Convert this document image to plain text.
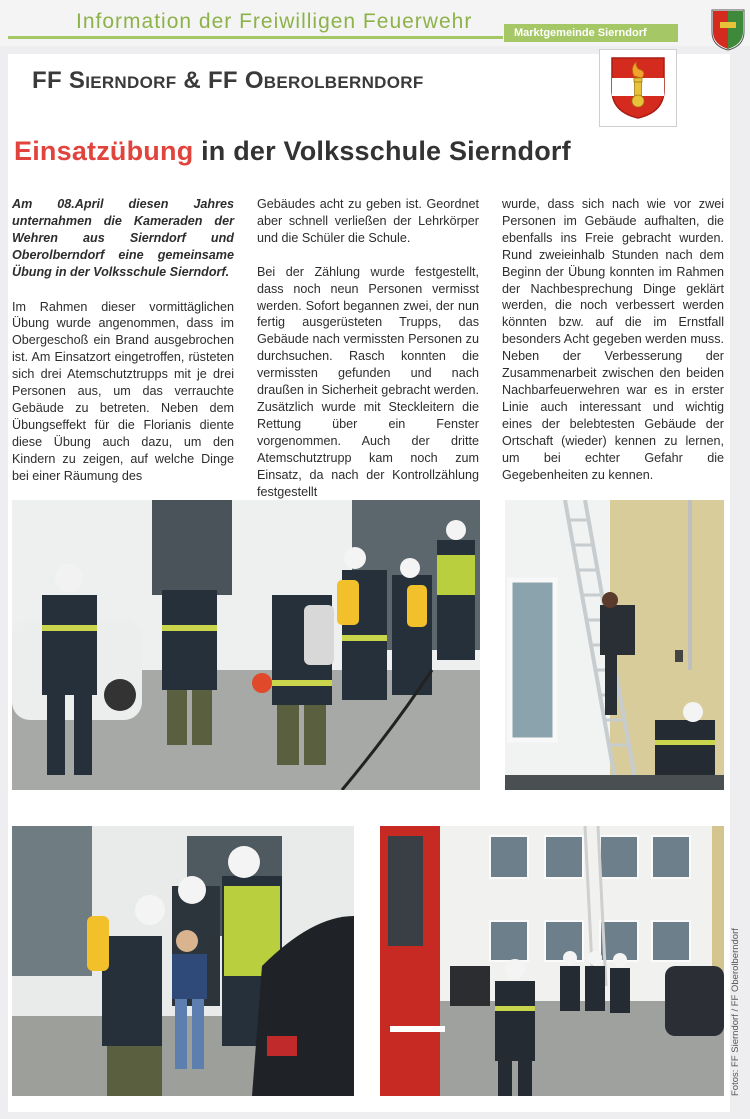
Information der Freiwilligen Feuerwehr	Marktgemeinde Sierndorf
FF Sierndorf & FF Oberolberndorf
Einsatzübung in der Volksschule Sierndorf

Am 08.April diesen Jahres unternahmen die Kameraden der Wehren aus Sierndorf und Oberolberndorf eine gemeinsame Übung in der Volksschule Sierndorf.

Im Rahmen dieser vormittäglichen Übung wurde angenommen, dass im Obergeschoß ein Brand ausgebrochen ist. Am Einsatzort eingetroffen, rüsteten sich drei Atemschutztrupps mit je drei Personen aus, um das verrauchte Gebäude zu betreten. Neben dem Übungseffekt für die Florianis diente diese Übung auch dazu, um den Kindern zu zeigen, auf welche Dinge bei einer Räumung des

Gebäudes acht zu geben ist. Geordnet aber schnell verließen der Lehrkörper und die Schüler die Schule.

Bei der Zählung wurde festgestellt, dass noch neun Personen vermisst werden. Sofort begannen zwei, der nun fertig ausgerüsteten Trupps, das Gebäude nach vermissten Personen zu durchsuchen. Rasch konnten die vermissten gefunden und nach draußen in Sicherheit gebracht werden. Zusätzlich wurde mit Steckleitern die Rettung über ein Fenster vorgenommen. Auch der dritte Atemschutztrupp kam noch zum Einsatz, da nach der Kontrollzählung festgestellt

wurde, dass sich nach wie vor zwei Personen im Gebäude aufhalten, die ebenfalls ins Freie gebracht wurden. Rund zweieinhalb Stunden nach dem Beginn der Übung konnten im Rahmen der Nachbesprechung Dinge geklärt werden, die noch verbessert werden könnten bzw. auf die im Ernstfall besonders Acht gegeben werden muss. Neben der Verbesserung der Zusammenarbeit zwischen den beiden Nachbarfeuerwehren war es in erster Linie auch interessant und wichtig eines der belebtesten Gebäude der Ortschaft (wieder) kennen zu lernen, um bei echter Gefahr die Gegebenheiten zu kennen.

Fotos: FF Sierndorf / FF Oberolberndorf
